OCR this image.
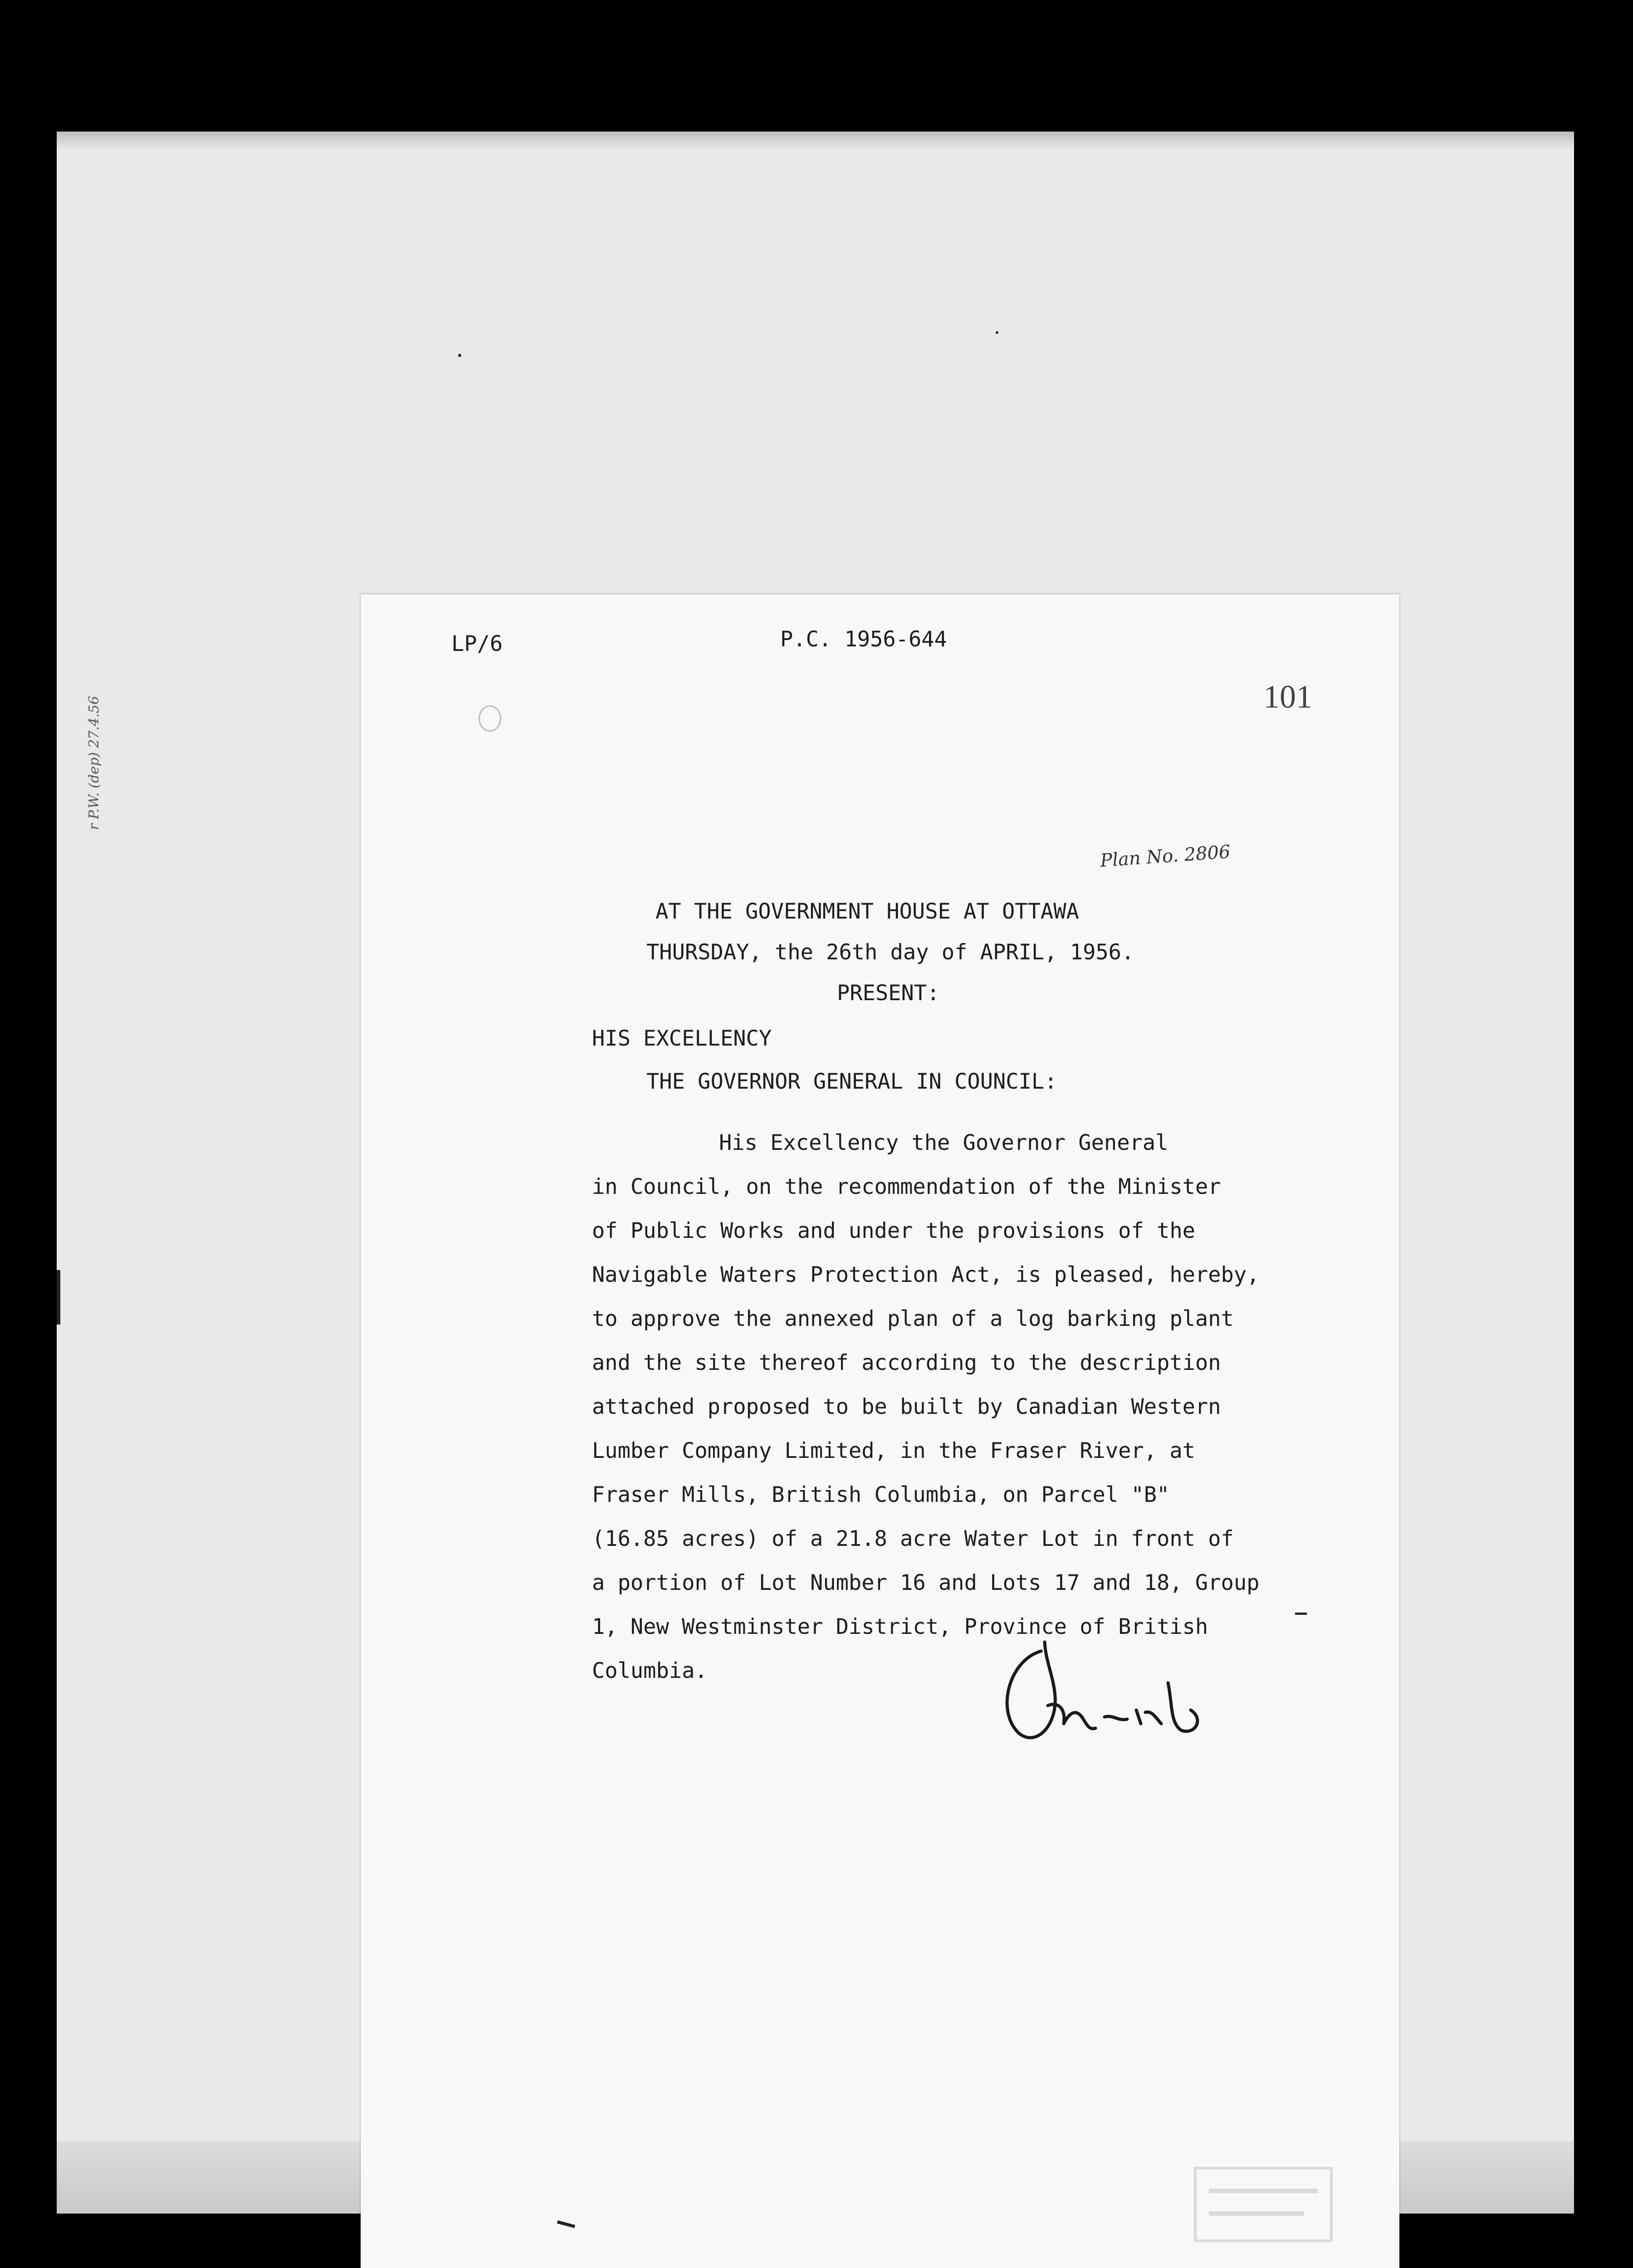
LP/6	P.C. 1956-644

101
Plan No. 2806

AT THE GOVERNMENT HOUSE AT OTTAWA

THURSDAY, the 26th day of APRIL, 1956.

PRESENT:

HIS EXCELLENCY

THE GOVERNOR GENERAL IN COUNCIL:

His Excellency the Governor General

in Council, on the recommendation of the Minister

of Public Works and under the provisions of the

Navigable Waters Protection Act, is pleased, hereby,

to approve the annexed plan of a log barking plant

and the site thereof according to the description

attached proposed to be built by Canadian Western

Lumber Company Limited, in the Fraser River, at

Fraser Mills, British Columbia, on Parcel "B"

(16.85 acres) of a 21.8 acre Water Lot in front of

a portion of Lot Number 16 and Lots 17 and 18, Group

1, New Westminster District, Province of British

Columbia.

r P.W. (dep) 27.4.56
